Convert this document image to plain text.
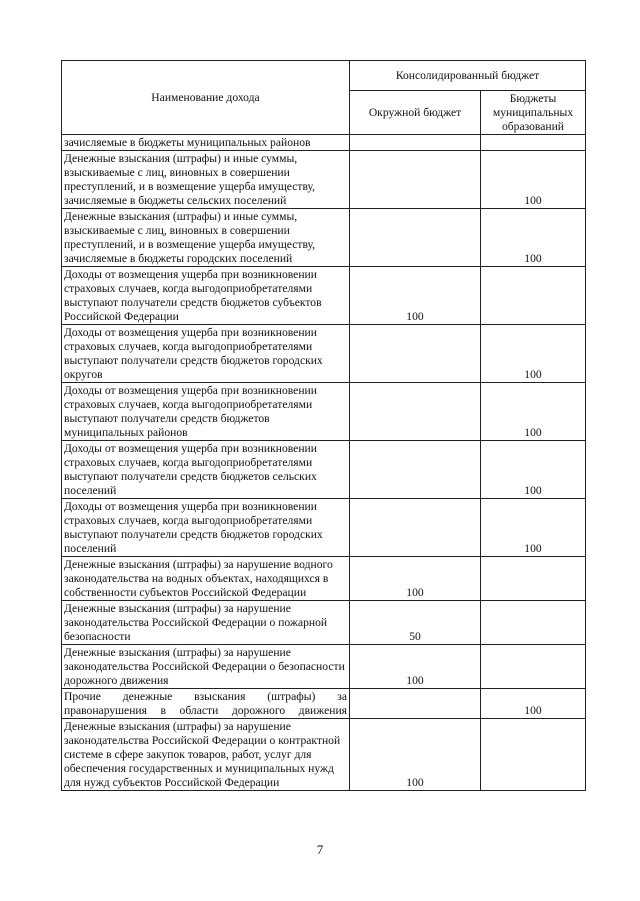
Наименование дохода	Консолидированный бюджет	
	Окружной бюджет	Бюджеты муниципальных образований
зачисляемые в бюджеты муниципальных районов		
Денежные взыскания (штрафы) и иные суммы, взыскиваемые с лиц, виновных в совершении преступлений, и в возмещение ущерба имуществу, зачисляемые в бюджеты сельских поселений		100
Денежные взыскания (штрафы) и иные суммы, взыскиваемые с лиц, виновных в совершении преступлений, и в возмещение ущерба имуществу, зачисляемые в бюджеты городских поселений		100
Доходы от возмещения ущерба при возникновении страховых случаев, когда выгодоприобретателями выступают получатели средств бюджетов субъектов Российской Федерации	100	
Доходы от возмещения ущерба при возникновении страховых случаев, когда выгодоприобретателями выступают получатели средств бюджетов городских округов		100
Доходы от возмещения ущерба при возникновении страховых случаев, когда выгодоприобретателями выступают получатели средств бюджетов муниципальных районов		100
Доходы от возмещения ущерба при возникновении страховых случаев, когда выгодоприобретателями выступают получатели средств бюджетов сельских поселений		100
Доходы от возмещения ущерба при возникновении страховых случаев, когда выгодоприобретателями выступают получатели средств бюджетов городских поселений		100
Денежные взыскания (штрафы) за нарушение водного законодательства на водных объектах, находящихся в собственности субъектов Российской Федерации	100	
Денежные взыскания (штрафы) за нарушение законодательства Российской Федерации о пожарной безопасности	50	
Денежные взыскания (штрафы) за нарушение законодательства Российской Федерации о безопасности дорожного движения	100	
Прочие денежные взыскания (штрафы) за правонарушения в области дорожного движения		100
Денежные взыскания (штрафы) за нарушение законодательства Российской Федерации о контрактной системе в сфере закупок товаров, работ, услуг для обеспечения государственных и муниципальных нужд для нужд субъектов Российской Федерации	100	
7
